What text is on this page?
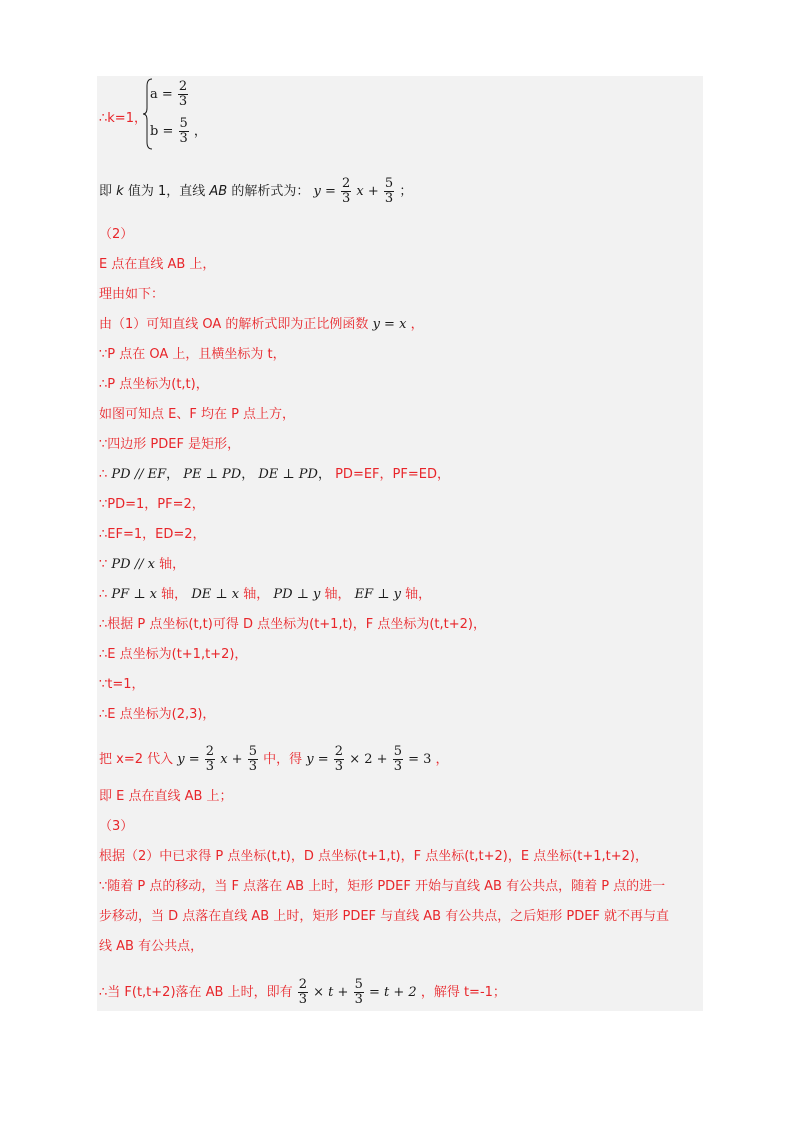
∴k=1，
$a = \frac{2}{3}$
$b = \frac{5}{3}$ ，
即 k 值为 1，直线 AB 的解析式为： $y = \frac{2}{3}$ $x + \frac{5}{3}$ ；
（2）
E 点在直线 AB 上，
理由如下：
由（1）可知直线 OA 的解析式即为正比例函数 y = x ，
∵P 点在 OA 上，且横坐标为 t，
∴P 点坐标为(t,t)，
如图可知点 E、F 均在 P 点上方，
∵四边形 PDEF 是矩形，
∴ PD // EF， PE ⊥ PD， DE ⊥ PD， PD=EF，PF=ED，
∵PD=1，PF=2，
∴EF=1，ED=2，
∵ PD // x 轴，
∴ PF ⊥ x 轴， DE ⊥ x 轴， PD ⊥ y 轴， EF ⊥ y 轴，
∴根据 P 点坐标(t,t)可得 D 点坐标为(t+1,t)，F 点坐标为(t,t+2)，
∴E 点坐标为(t+1,t+2)，
∵t=1，
∴E 点坐标为(2,3)，
把 x=2 代入 $y = \frac{2}{3}$ $x + \frac{5}{3}$ 中，得 $y = \frac{2}{3} \times 2 + \frac{5}{3} = 3$ ，
即 E 点在直线 AB 上；
（3）
根据（2）中已求得 P 点坐标(t,t)，D 点坐标(t+1,t)，F 点坐标(t,t+2)，E 点坐标(t+1,t+2)，
∵随着 P 点的移动，当 F 点落在 AB 上时，矩形 PDEF 开始与直线 AB 有公共点，随着 P 点的进一
步移动，当 D 点落在直线 AB 上时，矩形 PDEF 与直线 AB 有公共点，之后矩形 PDEF 就不再与直
线 AB 有公共点，
∴当 F(t,t+2)落在 AB 上时，即有 $\frac{2}{3} \times t + \frac{5}{3} = t + 2$ ，解得 t=-1；
